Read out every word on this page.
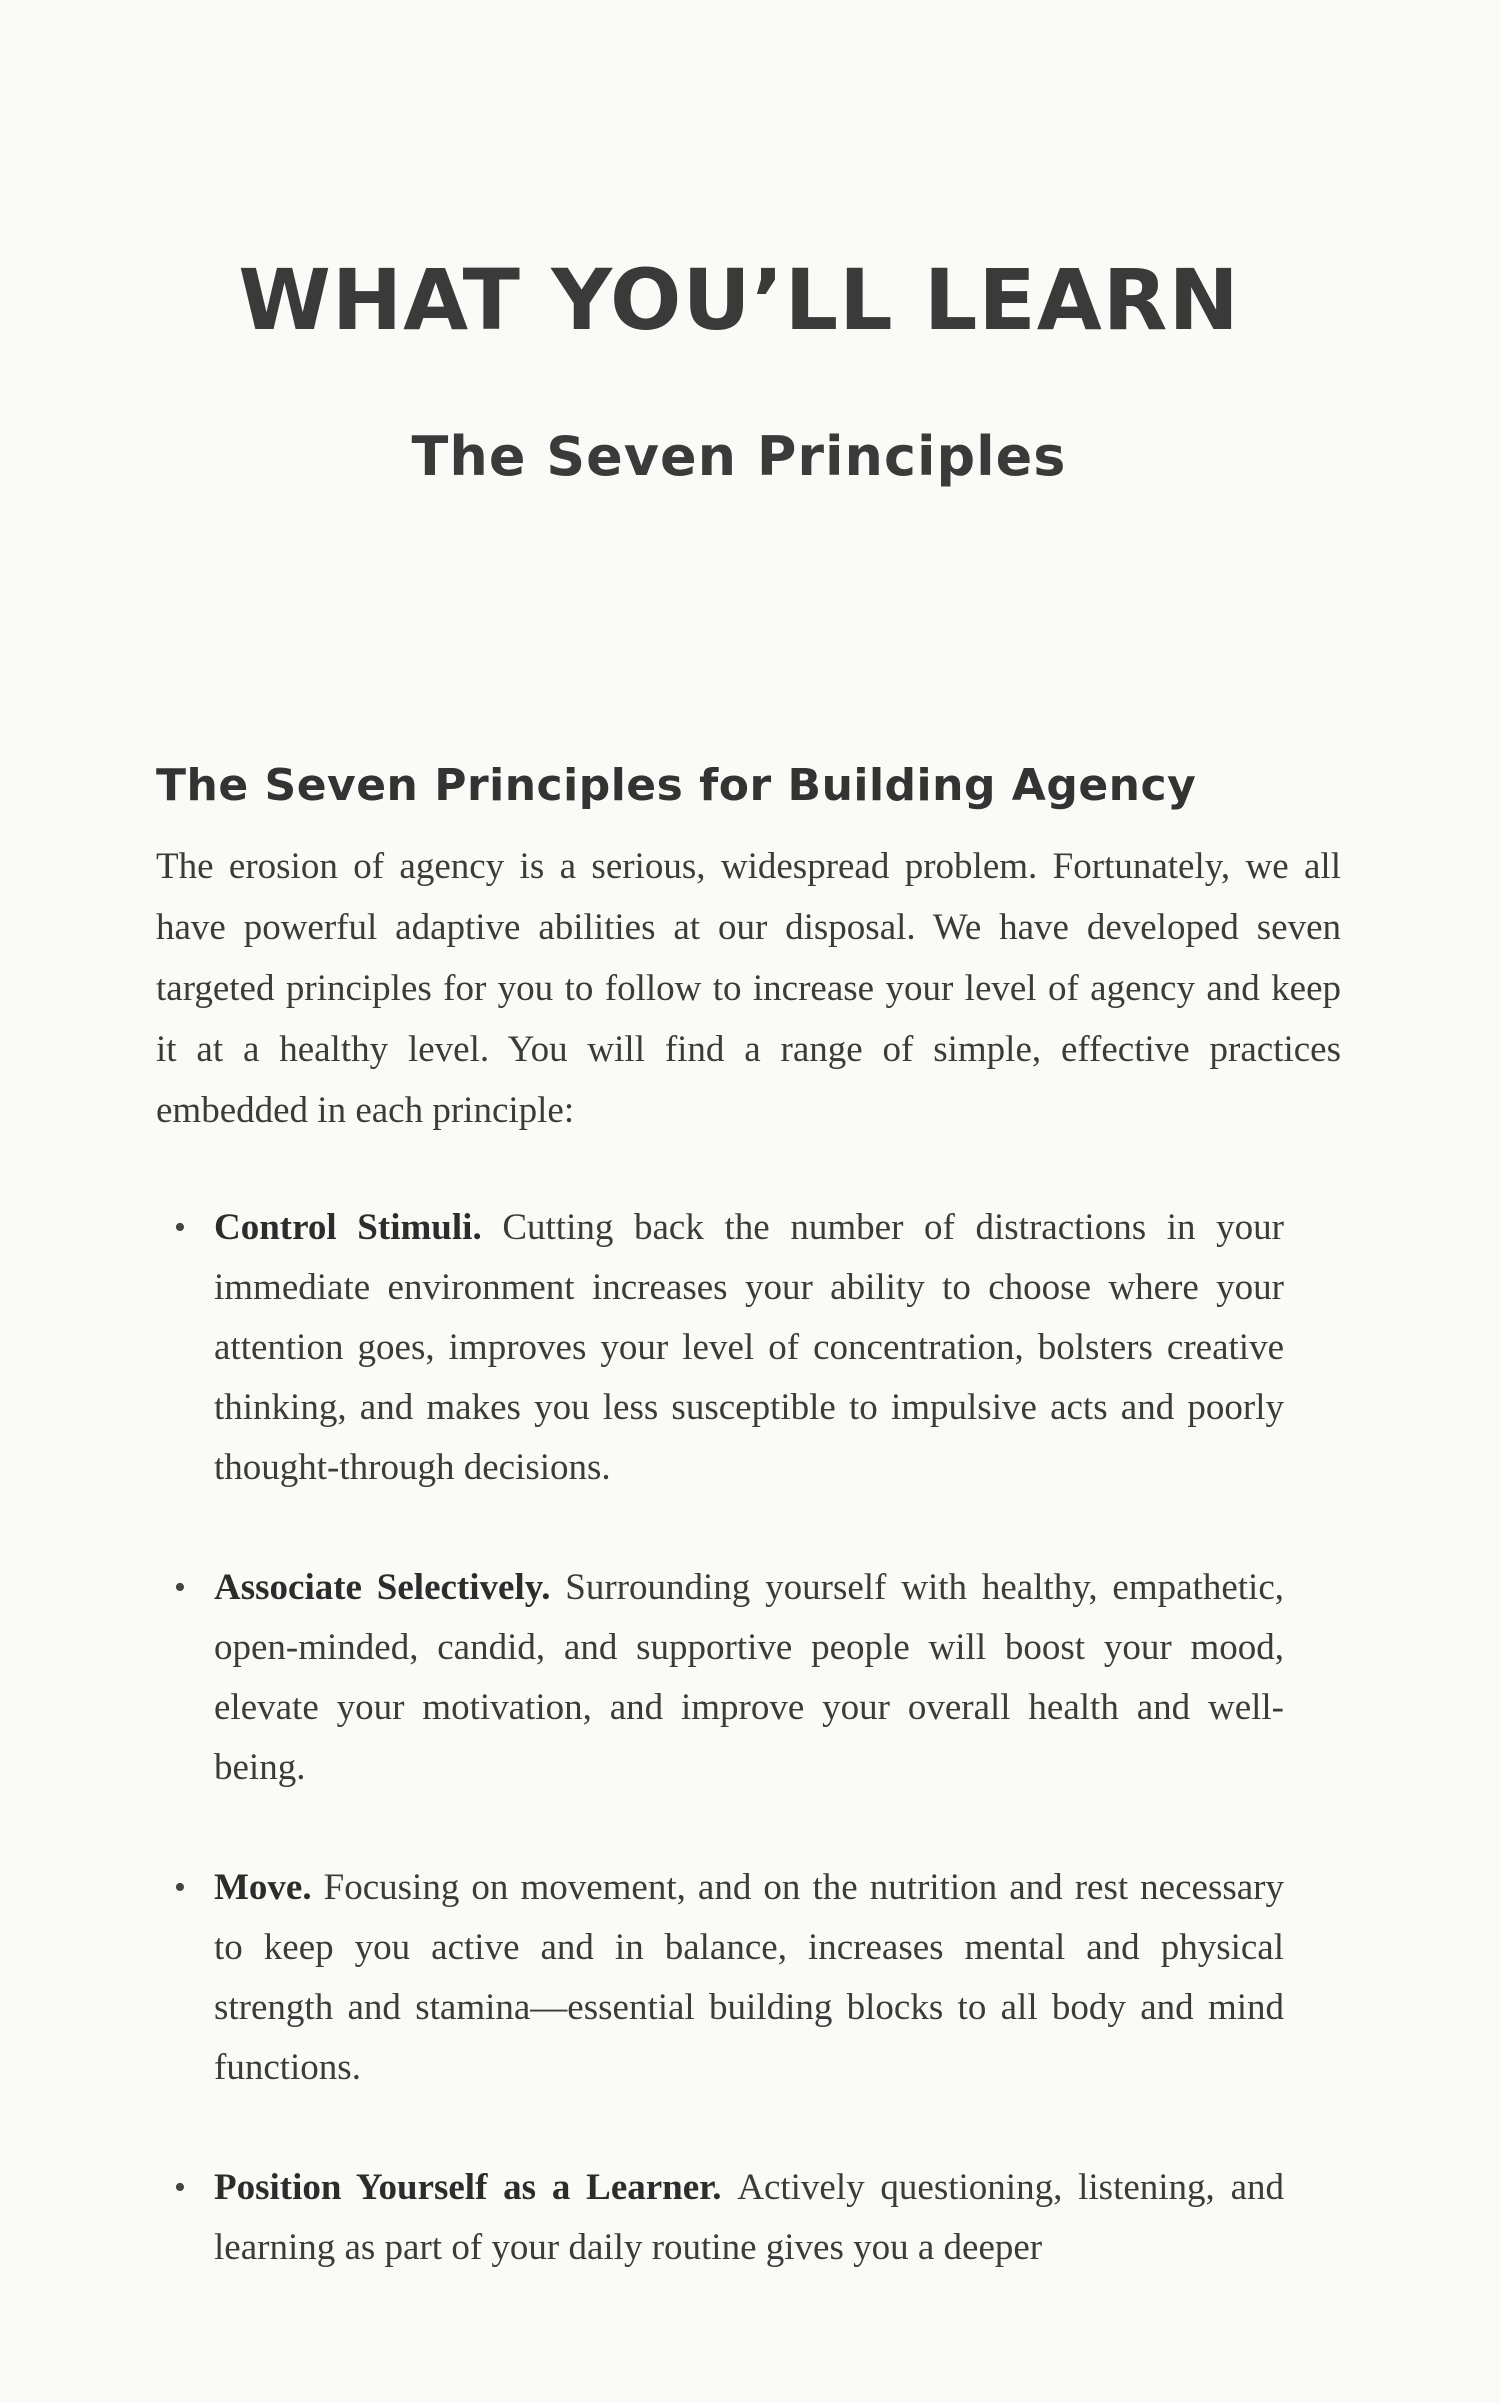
WHAT YOU’LL LEARN
The Seven Principles
The Seven Principles for Building Agency

The erosion of agency is a serious, widespread problem. Fortunately, we all have powerful adaptive abilities at our disposal. We have developed seven targeted principles for you to follow to increase your level of agency and keep it at a healthy level. You will find a range of simple, effective practices embedded in each principle:

• Control Stimuli. Cutting back the number of distractions in your immediate environment increases your ability to choose where your attention goes, improves your level of concentration, bolsters creative thinking, and makes you less susceptible to impulsive acts and poorly thought-through decisions.
• Associate Selectively. Surrounding yourself with healthy, empathetic, open-minded, candid, and supportive people will boost your mood, elevate your motivation, and improve your overall health and well-being.
• Move. Focusing on movement, and on the nutrition and rest necessary to keep you active and in balance, increases mental and physical strength and stamina—essential building blocks to all body and mind functions.
• Position Yourself as a Learner. Actively questioning, listening, and learning as part of your daily routine gives you a deeper
